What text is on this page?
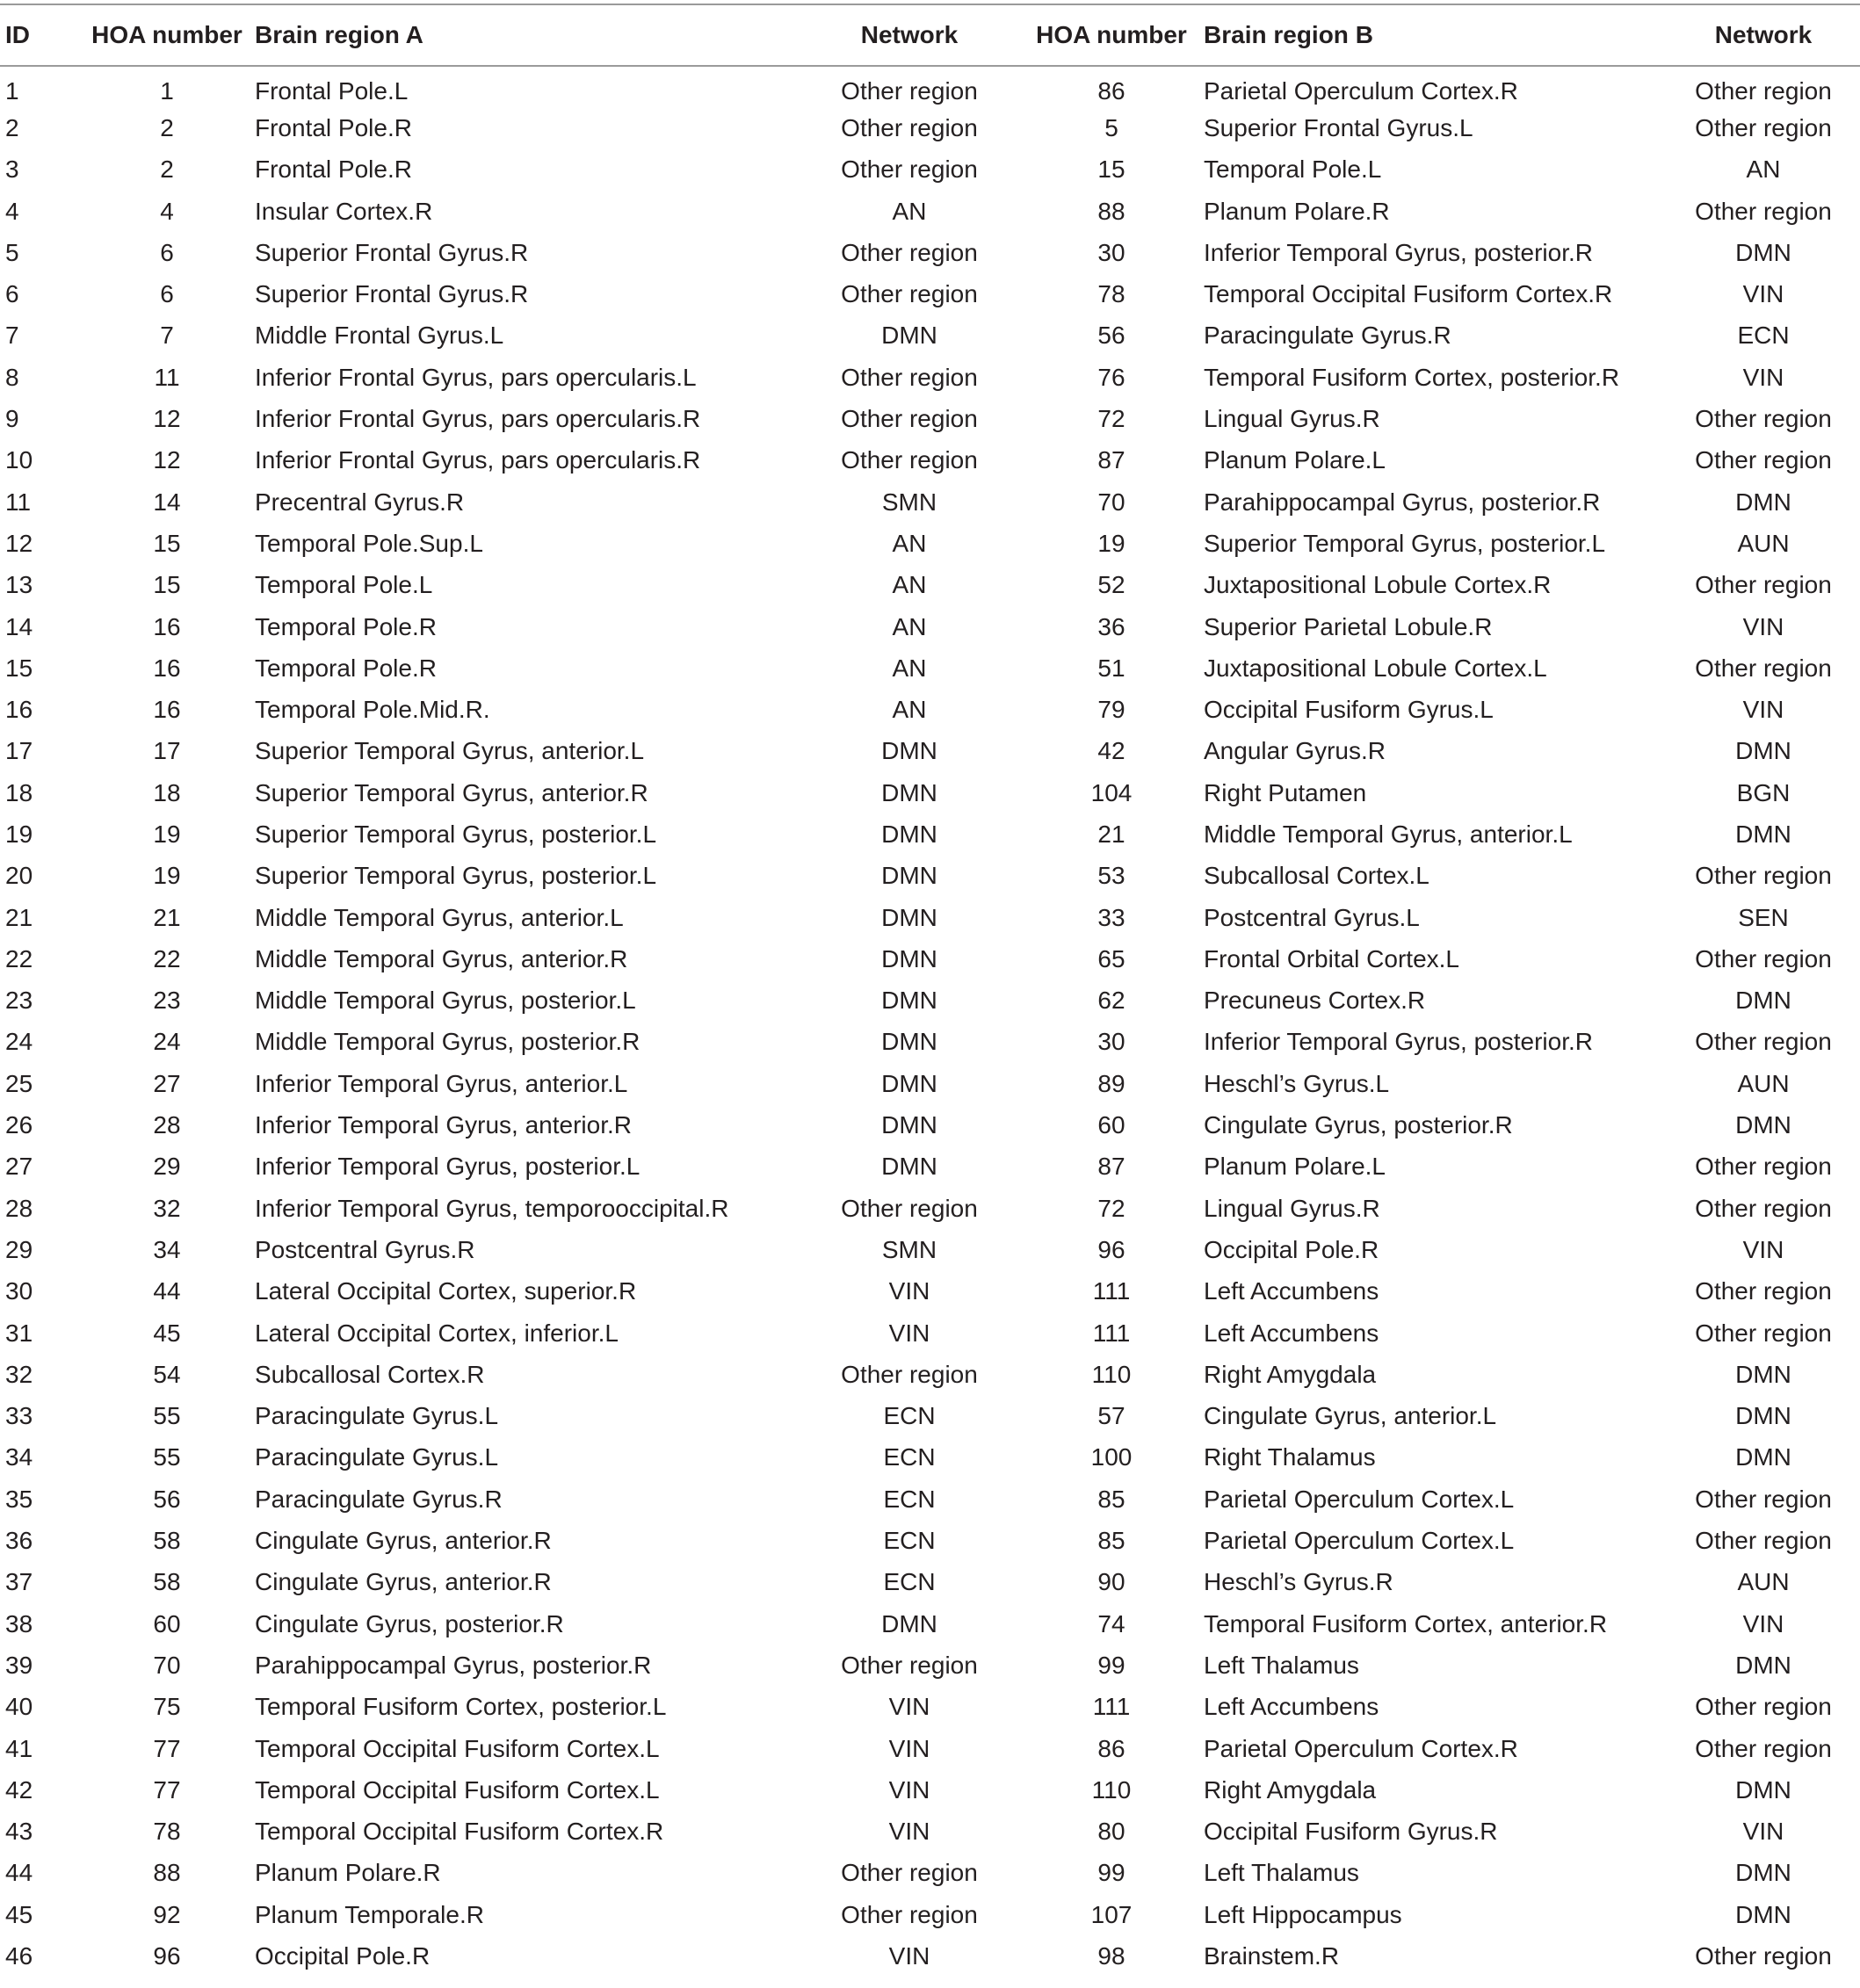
ID	HOA number	Brain region A	Network	HOA number	Brain region B	Network
1	1	Frontal Pole.L	Other region	86	Parietal Operculum Cortex.R	Other region
2	2	Frontal Pole.R	Other region	5	Superior Frontal Gyrus.L	Other region
3	2	Frontal Pole.R	Other region	15	Temporal Pole.L	AN
4	4	Insular Cortex.R	AN	88	Planum Polare.R	Other region
5	6	Superior Frontal Gyrus.R	Other region	30	Inferior Temporal Gyrus, posterior.R	DMN
6	6	Superior Frontal Gyrus.R	Other region	78	Temporal Occipital Fusiform Cortex.R	VIN
7	7	Middle Frontal Gyrus.L	DMN	56	Paracingulate Gyrus.R	ECN
8	11	Inferior Frontal Gyrus, pars opercularis.L	Other region	76	Temporal Fusiform Cortex, posterior.R	VIN
9	12	Inferior Frontal Gyrus, pars opercularis.R	Other region	72	Lingual Gyrus.R	Other region
10	12	Inferior Frontal Gyrus, pars opercularis.R	Other region	87	Planum Polare.L	Other region
11	14	Precentral Gyrus.R	SMN	70	Parahippocampal Gyrus, posterior.R	DMN
12	15	Temporal Pole.Sup.L	AN	19	Superior Temporal Gyrus, posterior.L	AUN
13	15	Temporal Pole.L	AN	52	Juxtapositional Lobule Cortex.R	Other region
14	16	Temporal Pole.R	AN	36	Superior Parietal Lobule.R	VIN
15	16	Temporal Pole.R	AN	51	Juxtapositional Lobule Cortex.L	Other region
16	16	Temporal Pole.Mid.R.	AN	79	Occipital Fusiform Gyrus.L	VIN
17	17	Superior Temporal Gyrus, anterior.L	DMN	42	Angular Gyrus.R	DMN
18	18	Superior Temporal Gyrus, anterior.R	DMN	104	Right Putamen	BGN
19	19	Superior Temporal Gyrus, posterior.L	DMN	21	Middle Temporal Gyrus, anterior.L	DMN
20	19	Superior Temporal Gyrus, posterior.L	DMN	53	Subcallosal Cortex.L	Other region
21	21	Middle Temporal Gyrus, anterior.L	DMN	33	Postcentral Gyrus.L	SEN
22	22	Middle Temporal Gyrus, anterior.R	DMN	65	Frontal Orbital Cortex.L	Other region
23	23	Middle Temporal Gyrus, posterior.L	DMN	62	Precuneus Cortex.R	DMN
24	24	Middle Temporal Gyrus, posterior.R	DMN	30	Inferior Temporal Gyrus, posterior.R	Other region
25	27	Inferior Temporal Gyrus, anterior.L	DMN	89	Heschl’s Gyrus.L	AUN
26	28	Inferior Temporal Gyrus, anterior.R	DMN	60	Cingulate Gyrus, posterior.R	DMN
27	29	Inferior Temporal Gyrus, posterior.L	DMN	87	Planum Polare.L	Other region
28	32	Inferior Temporal Gyrus, temporooccipital.R	Other region	72	Lingual Gyrus.R	Other region
29	34	Postcentral Gyrus.R	SMN	96	Occipital Pole.R	VIN
30	44	Lateral Occipital Cortex, superior.R	VIN	111	Left Accumbens	Other region
31	45	Lateral Occipital Cortex, inferior.L	VIN	111	Left Accumbens	Other region
32	54	Subcallosal Cortex.R	Other region	110	Right Amygdala	DMN
33	55	Paracingulate Gyrus.L	ECN	57	Cingulate Gyrus, anterior.L	DMN
34	55	Paracingulate Gyrus.L	ECN	100	Right Thalamus	DMN
35	56	Paracingulate Gyrus.R	ECN	85	Parietal Operculum Cortex.L	Other region
36	58	Cingulate Gyrus, anterior.R	ECN	85	Parietal Operculum Cortex.L	Other region
37	58	Cingulate Gyrus, anterior.R	ECN	90	Heschl’s Gyrus.R	AUN
38	60	Cingulate Gyrus, posterior.R	DMN	74	Temporal Fusiform Cortex, anterior.R	VIN
39	70	Parahippocampal Gyrus, posterior.R	Other region	99	Left Thalamus	DMN
40	75	Temporal Fusiform Cortex, posterior.L	VIN	111	Left Accumbens	Other region
41	77	Temporal Occipital Fusiform Cortex.L	VIN	86	Parietal Operculum Cortex.R	Other region
42	77	Temporal Occipital Fusiform Cortex.L	VIN	110	Right Amygdala	DMN
43	78	Temporal Occipital Fusiform Cortex.R	VIN	80	Occipital Fusiform Gyrus.R	VIN
44	88	Planum Polare.R	Other region	99	Left Thalamus	DMN
45	92	Planum Temporale.R	Other region	107	Left Hippocampus	DMN
46	96	Occipital Pole.R	VIN	98	Brainstem.R	Other region
